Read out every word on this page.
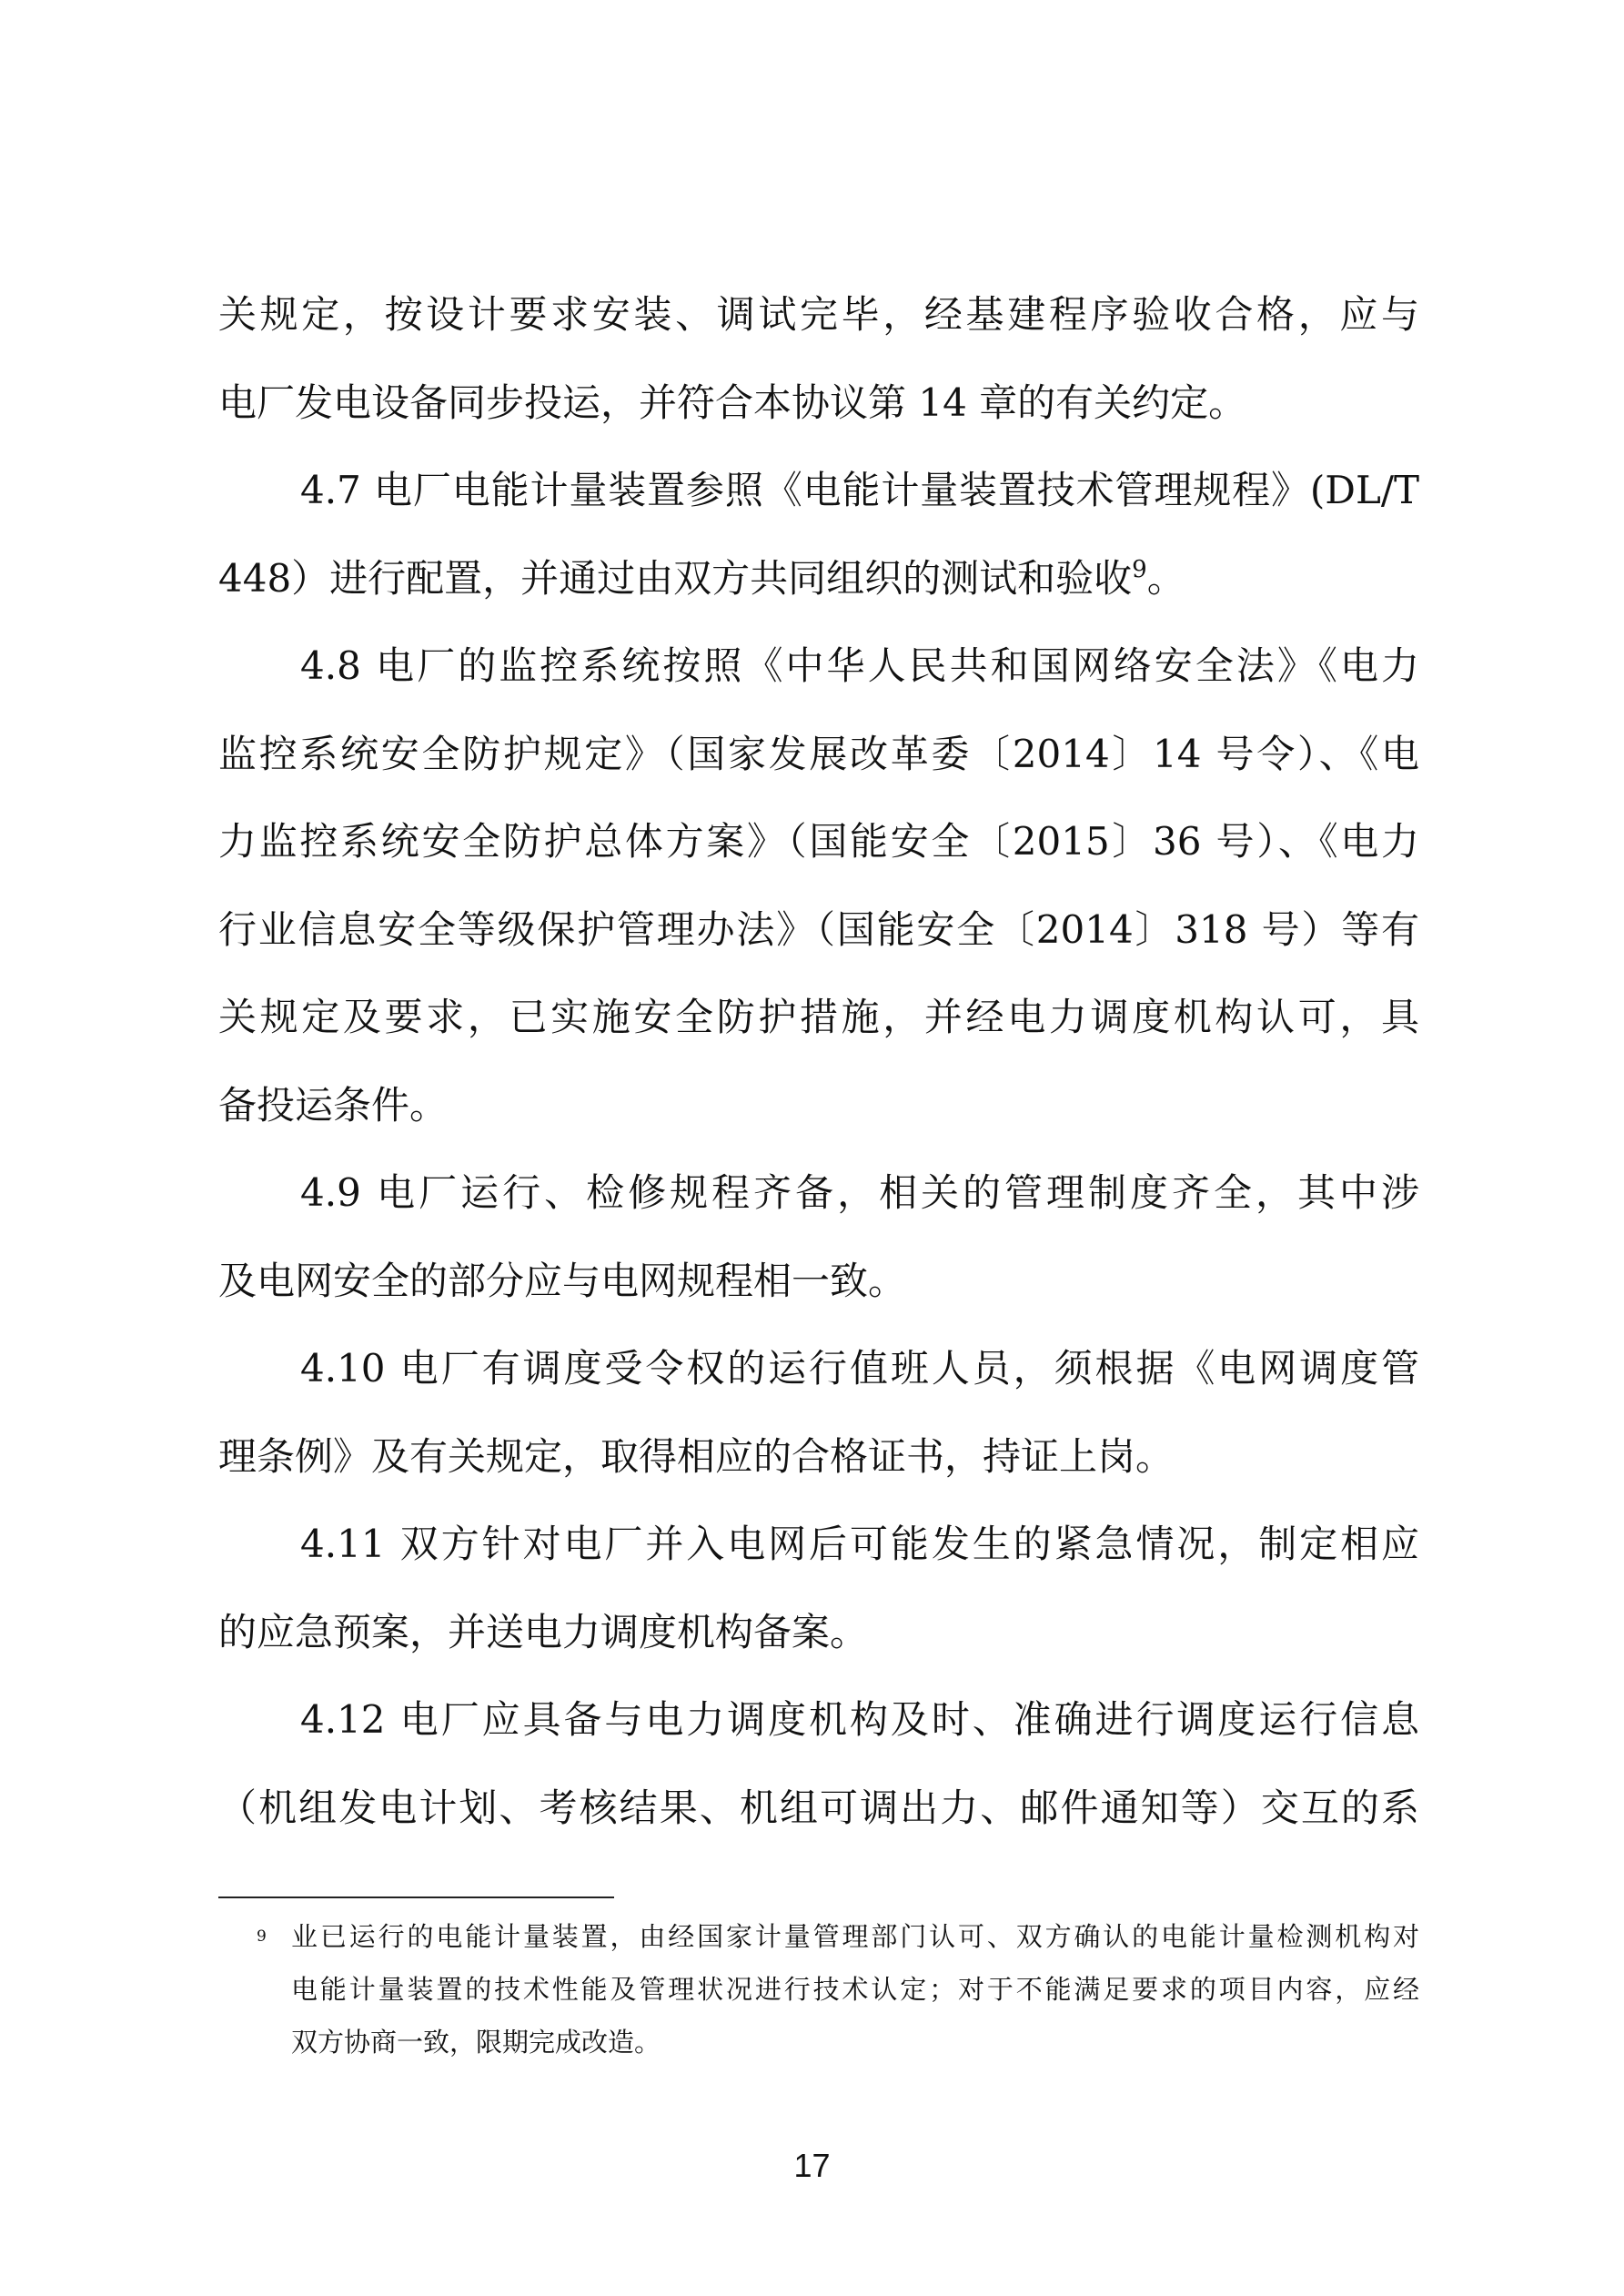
关规定，按设计要求安装、调试完毕，经基建程序验收合格，应与
电厂发电设备同步投运，并符合本协议第 14 章的有关约定。
4.7 电厂电能计量装置参照《电能计量装置技术管理规程》(DL/T
448）进行配置，并通过由双方共同组织的测试和验收$^9$。
4.8 电厂的监控系统按照《中华人民共和国网络安全法》《电力
监控系统安全防护规定》（国家发展改革委〔2014〕14 号令）、《电
力监控系统安全防护总体方案》（国能安全〔2015〕36 号）、《电力
行业信息安全等级保护管理办法》（国能安全〔2014〕318 号）等有
关规定及要求，已实施安全防护措施，并经电力调度机构认可，具
备投运条件。
4.9 电厂运行、检修规程齐备，相关的管理制度齐全，其中涉
及电网安全的部分应与电网规程相一致。
4.10 电厂有调度受令权的运行值班人员，须根据《电网调度管
理条例》及有关规定，取得相应的合格证书，持证上岗。
4.11 双方针对电厂并入电网后可能发生的紧急情况，制定相应
的应急预案，并送电力调度机构备案。
4.12 电厂应具备与电力调度机构及时、准确进行调度运行信息
（机组发电计划、考核结果、机组可调出力、邮件通知等）交互的系
9 业已运行的电能计量装置，由经国家计量管理部门认可、双方确认的电能计量检测机构对
电能计量装置的技术性能及管理状况进行技术认定；对于不能满足要求的项目内容，应经
双方协商一致，限期完成改造。
17
